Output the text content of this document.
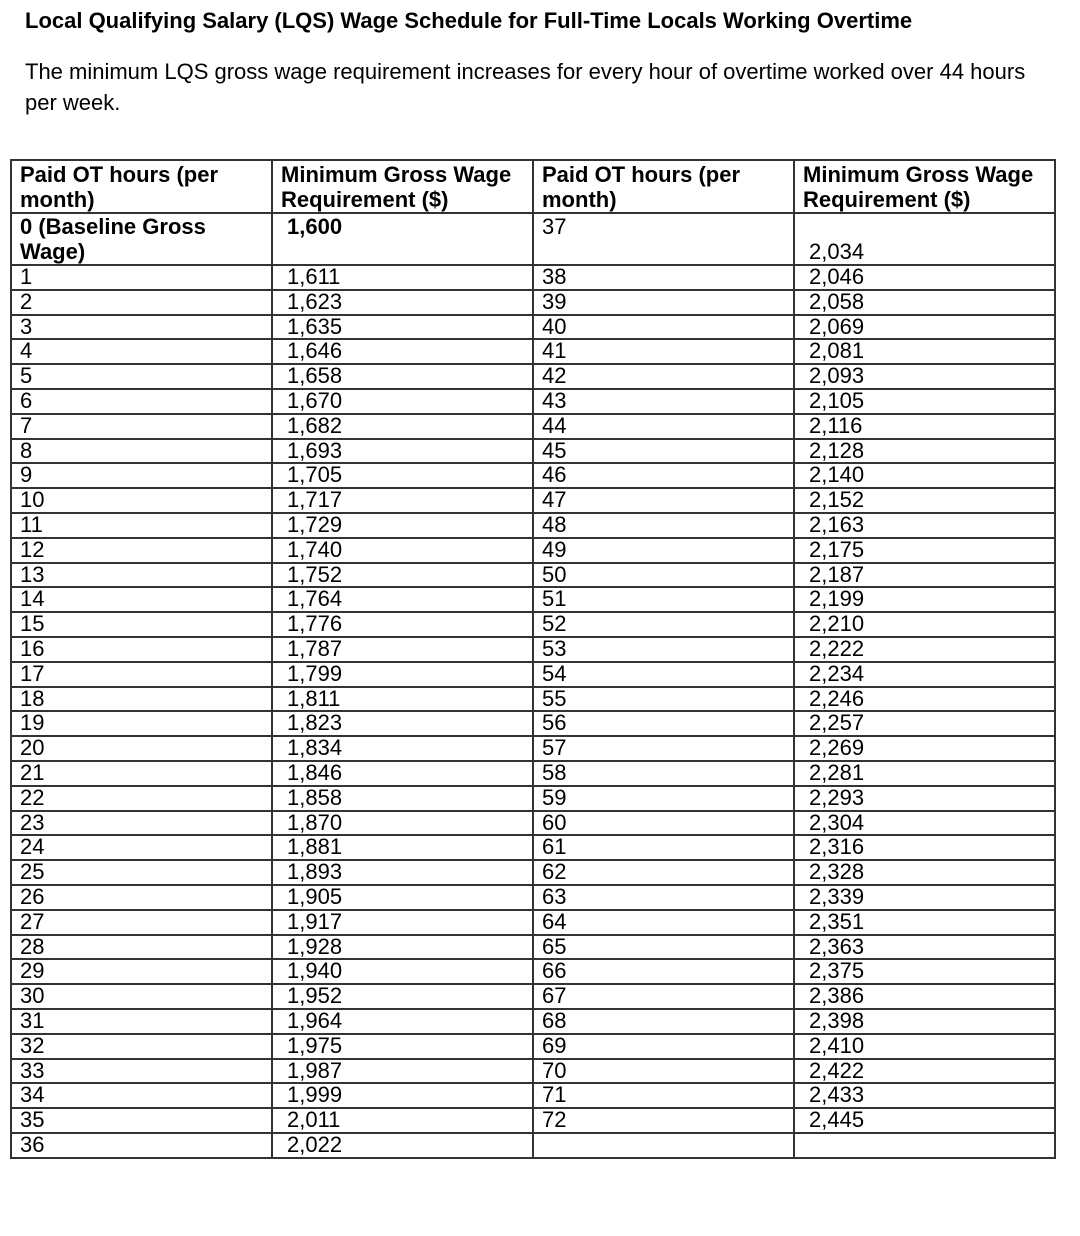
Local Qualifying Salary (LQS) Wage Schedule for Full-Time Locals Working Overtime
The minimum LQS gross wage requirement increases for every hour of overtime worked over 44 hours per week.
Paid OT hours (per month)	Minimum Gross Wage Requirement ($)	Paid OT hours (per month)	Minimum Gross Wage Requirement ($)
0 (Baseline Gross Wage)	1,600	37	2,034
1	1,611	38	2,046
2	1,623	39	2,058
3	1,635	40	2,069
4	1,646	41	2,081
5	1,658	42	2,093
6	1,670	43	2,105
7	1,682	44	2,116
8	1,693	45	2,128
9	1,705	46	2,140
10	1,717	47	2,152
11	1,729	48	2,163
12	1,740	49	2,175
13	1,752	50	2,187
14	1,764	51	2,199
15	1,776	52	2,210
16	1,787	53	2,222
17	1,799	54	2,234
18	1,811	55	2,246
19	1,823	56	2,257
20	1,834	57	2,269
21	1,846	58	2,281
22	1,858	59	2,293
23	1,870	60	2,304
24	1,881	61	2,316
25	1,893	62	2,328
26	1,905	63	2,339
27	1,917	64	2,351
28	1,928	65	2,363
29	1,940	66	2,375
30	1,952	67	2,386
31	1,964	68	2,398
32	1,975	69	2,410
33	1,987	70	2,422
34	1,999	71	2,433
35	2,011	72	2,445
36	2,022		
